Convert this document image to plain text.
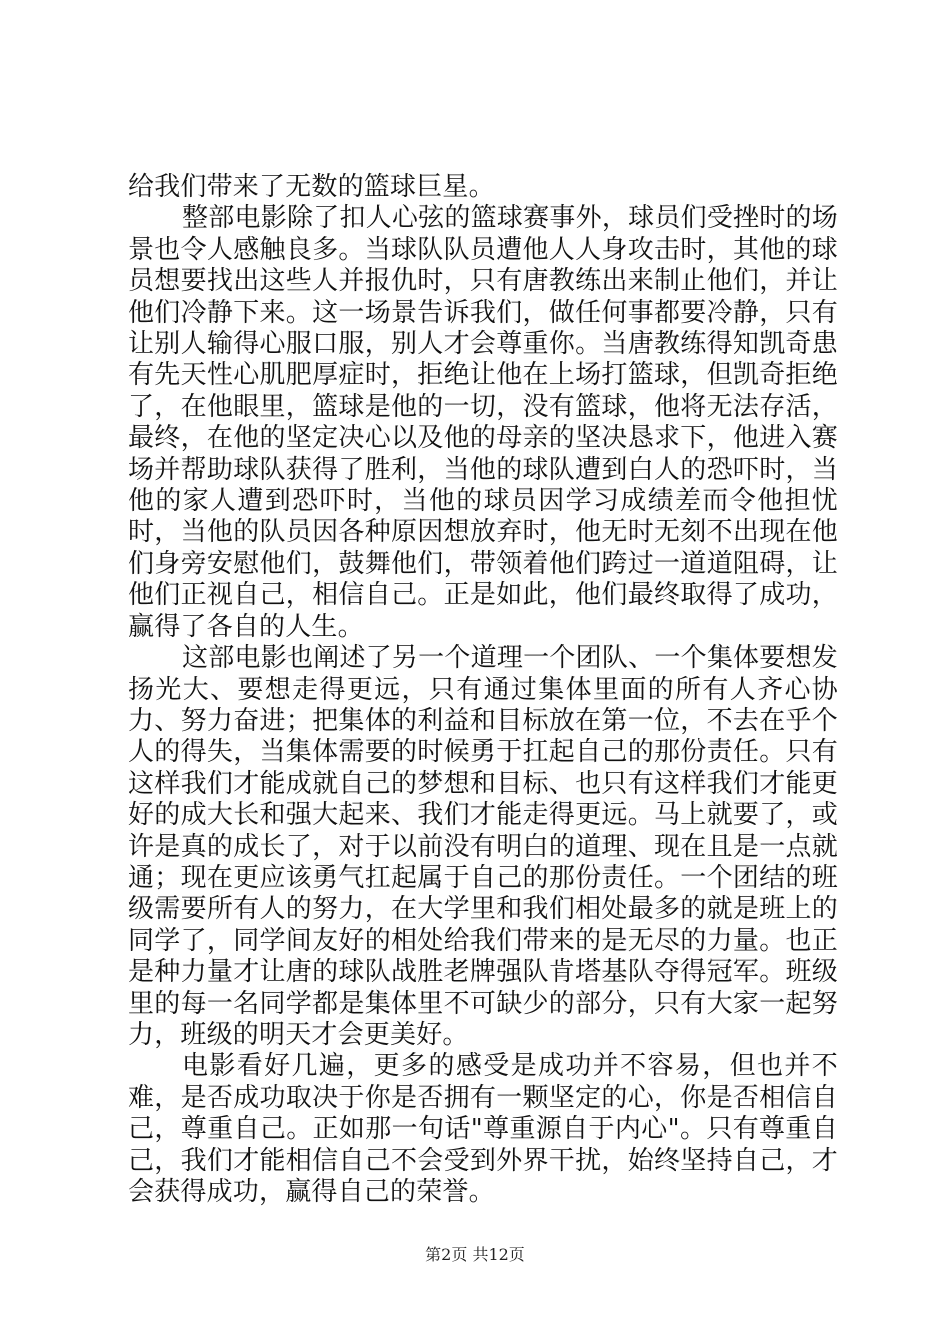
给我们带来了无数的篮球巨星。

整部电影除了扣人心弦的篮球赛事外，球员们受挫时的场景也令人感触良多。当球队队员遭他人人身攻击时，其他的球员想要找出这些人并报仇时，只有唐教练出来制止他们，并让他们冷静下来。这一场景告诉我们，做任何事都要冷静，只有让别人输得心服口服，别人才会尊重你。当唐教练得知凯奇患有先天性心肌肥厚症时，拒绝让他在上场打篮球，但凯奇拒绝了，在他眼里，篮球是他的一切，没有篮球，他将无法存活，最终，在他的坚定决心以及他的母亲的坚决恳求下，他进入赛场并帮助球队获得了胜利，当他的球队遭到白人的恐吓时，当他的家人遭到恐吓时，当他的球员因学习成绩差而令他担忧时，当他的队员因各种原因想放弃时，他无时无刻不出现在他们身旁安慰他们，鼓舞他们，带领着他们跨过一道道阻碍，让他们正视自己，相信自己。正是如此，他们最终取得了成功，赢得了各自的人生。

这部电影也阐述了另一个道理一个团队、一个集体要想发扬光大、要想走得更远，只有通过集体里面的所有人齐心协力、努力奋进；把集体的利益和目标放在第一位，不去在乎个人的得失，当集体需要的时候勇于扛起自己的那份责任。只有这样我们才能成就自己的梦想和目标、也只有这样我们才能更好的成大长和强大起来、我们才能走得更远。马上就要了，或许是真的成长了，对于以前没有明白的道理、现在且是一点就通；现在更应该勇气扛起属于自己的那份责任。一个团结的班级需要所有人的努力，在大学里和我们相处最多的就是班上的同学了，同学间友好的相处给我们带来的是无尽的力量。也正是种力量才让唐的球队战胜老牌强队肯塔基队夺得冠军。班级里的每一名同学都是集体里不可缺少的部分，只有大家一起努力，班级的明天才会更美好。

电影看好几遍，更多的感受是成功并不容易，但也并不难，是否成功取决于你是否拥有一颗坚定的心，你是否相信自己，尊重自己。正如那一句话"尊重源自于内心"。只有尊重自己，我们才能相信自己不会受到外界干扰，始终坚持自己，才会获得成功，赢得自己的荣誉。

第2页 共12页
